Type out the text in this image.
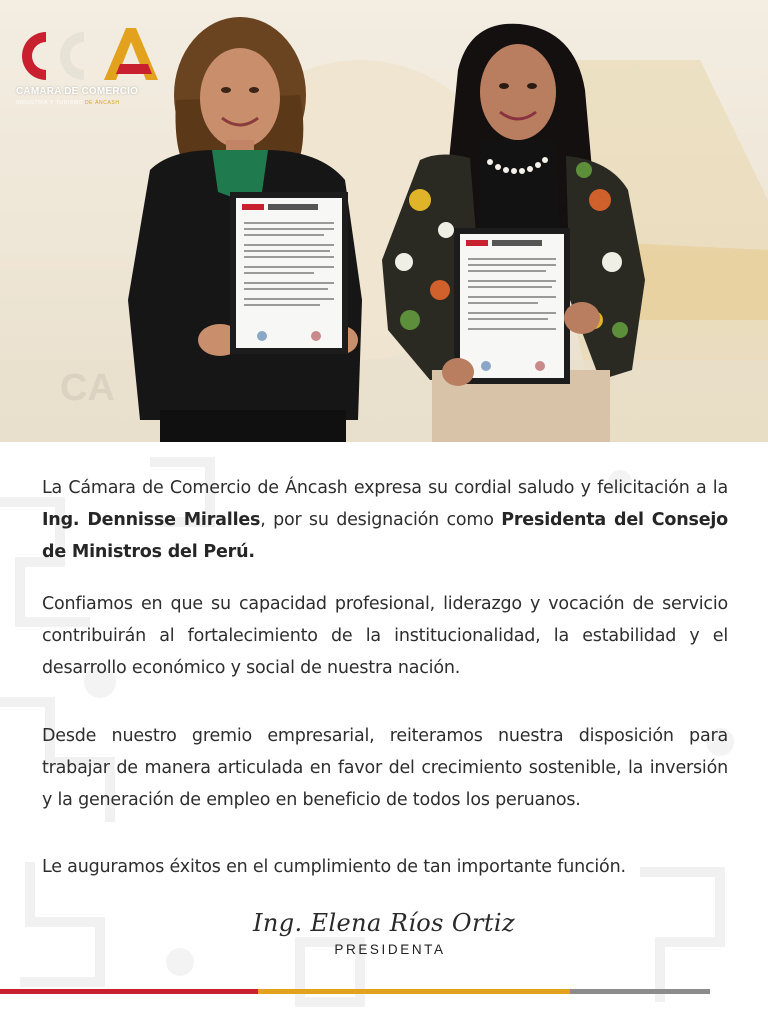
CA
CÁMARA DE COMERCIO
INDUSTRIA Y TURISMO DE ÁNCASH
La Cámara de Comercio de Áncash expresa su cordial saludo y felicitación a la Ing. Dennisse Miralles, por su designación como Presidenta del Consejo de Ministros del Perú.
Confiamos en que su capacidad profesional, liderazgo y vocación de servicio contribuirán al fortalecimiento de la institucionalidad, la estabilidad y el desarrollo económico y social de nuestra nación.
Desde nuestro gremio empresarial, reiteramos nuestra disposición para trabajar de manera articulada en favor del crecimiento sostenible, la inversión y la generación de empleo en beneficio de todos los peruanos.
Le auguramos éxitos en el cumplimiento de tan importante función.
Ing. Elena Ríos Ortiz
PRESIDENTA
